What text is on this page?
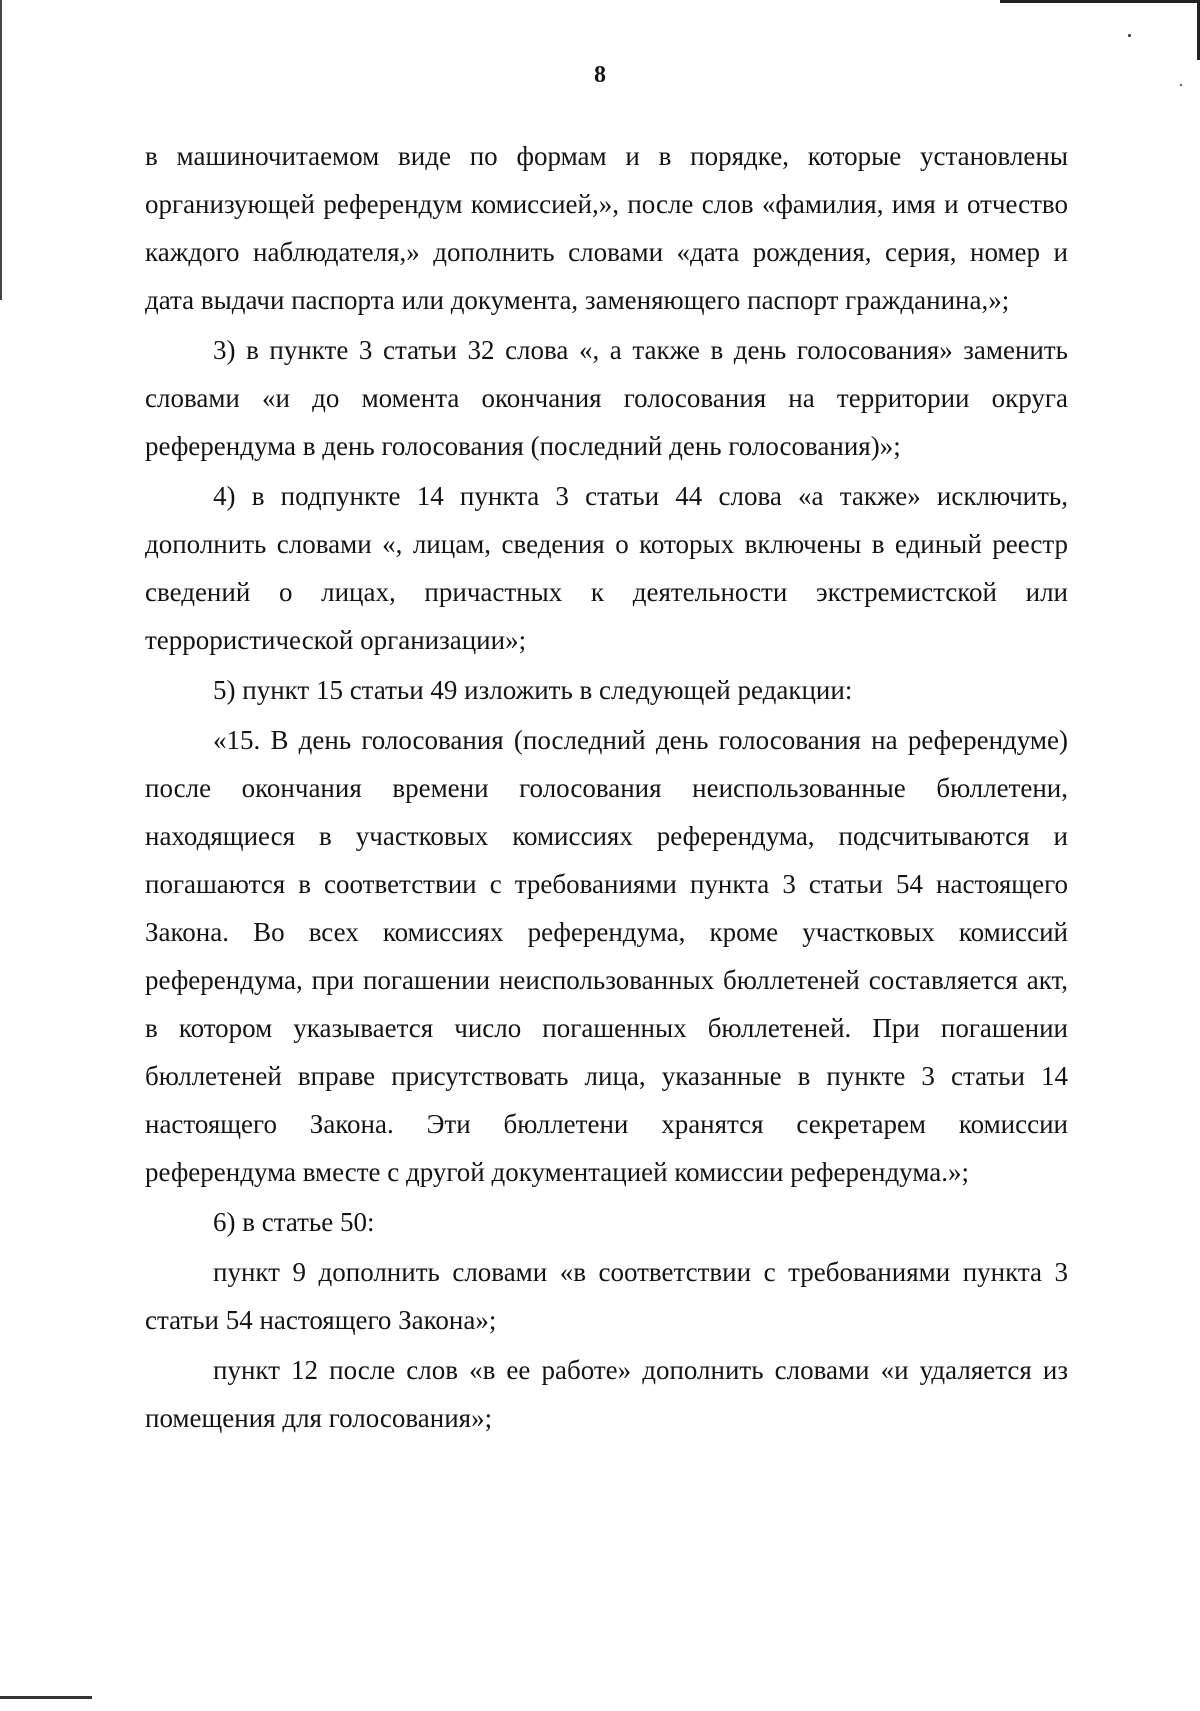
8

в машиночитаемом виде по формам и в порядке, которые установлены организующей референдум комиссией,», после слов «фамилия, имя и отчество каждого наблюдателя,» дополнить словами «дата рождения, серия, номер и дата выдачи паспорта или документа, заменяющего паспорт гражданина,»;

3) в пункте 3 статьи 32 слова «, а также в день голосования» заменить словами «и до момента окончания голосования на территории округа референдума в день голосования (последний день голосования)»;

4) в подпункте 14 пункта 3 статьи 44 слова «а также» исключить, дополнить словами «, лицам, сведения о которых включены в единый реестр сведений о лицах, причастных к деятельности экстремистской или террористической организации»;

5) пункт 15 статьи 49 изложить в следующей редакции:

«15. В день голосования (последний день голосования на референдуме) после окончания времени голосования неиспользованные бюллетени, находящиеся в участковых комиссиях референдума, подсчитываются и погашаются в соответствии с требованиями пункта 3 статьи 54 настоящего Закона. Во всех комиссиях референдума, кроме участковых комиссий референдума, при погашении неиспользованных бюллетеней составляется акт, в котором указывается число погашенных бюллетеней. При погашении бюллетеней вправе присутствовать лица, указанные в пункте 3 статьи 14 настоящего Закона. Эти бюллетени хранятся секретарем комиссии референдума вместе с другой документацией комиссии референдума.»;

6) в статье 50:

пункт 9 дополнить словами «в соответствии с требованиями пункта 3 статьи 54 настоящего Закона»;

пункт 12 после слов «в ее работе» дополнить словами «и удаляется из помещения для голосования»;
